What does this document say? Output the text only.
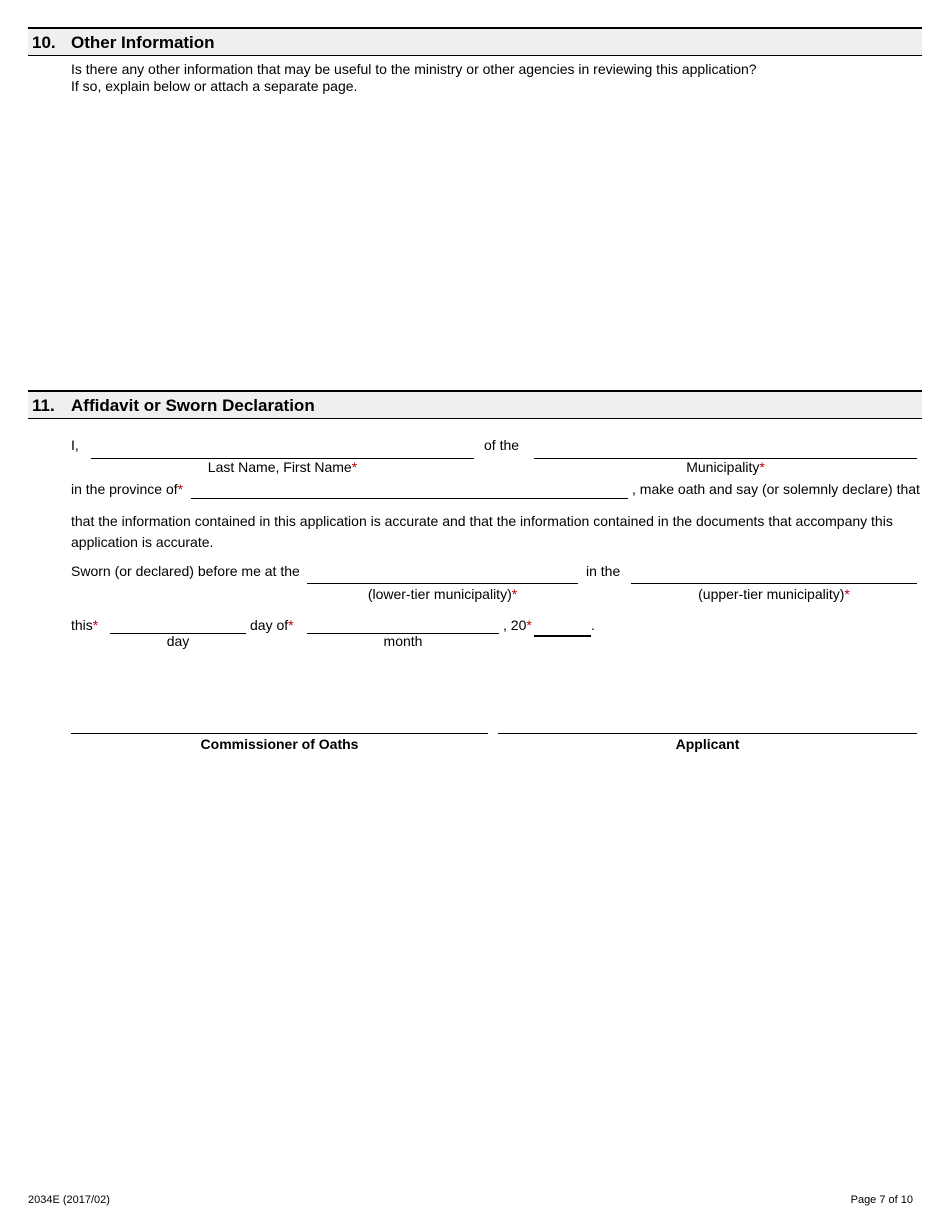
10. Other Information
Is there any other information that may be useful to the ministry or other agencies in reviewing this application?
If so, explain below or attach a separate page.
11. Affidavit or Sworn Declaration
I,	of the
Last Name, First Name*	Municipality*
in the province of*	, make oath and say (or solemnly declare) that
that the information contained in this application is accurate and that the information contained in the documents that accompany this application is accurate.
Sworn (or declared) before me at the	in the
(lower-tier municipality)*	(upper-tier municipality)*
this*	day of*	, 20*	.
day	month
Commissioner of Oaths	Applicant
2034E (2017/02)	Page 7 of 10
